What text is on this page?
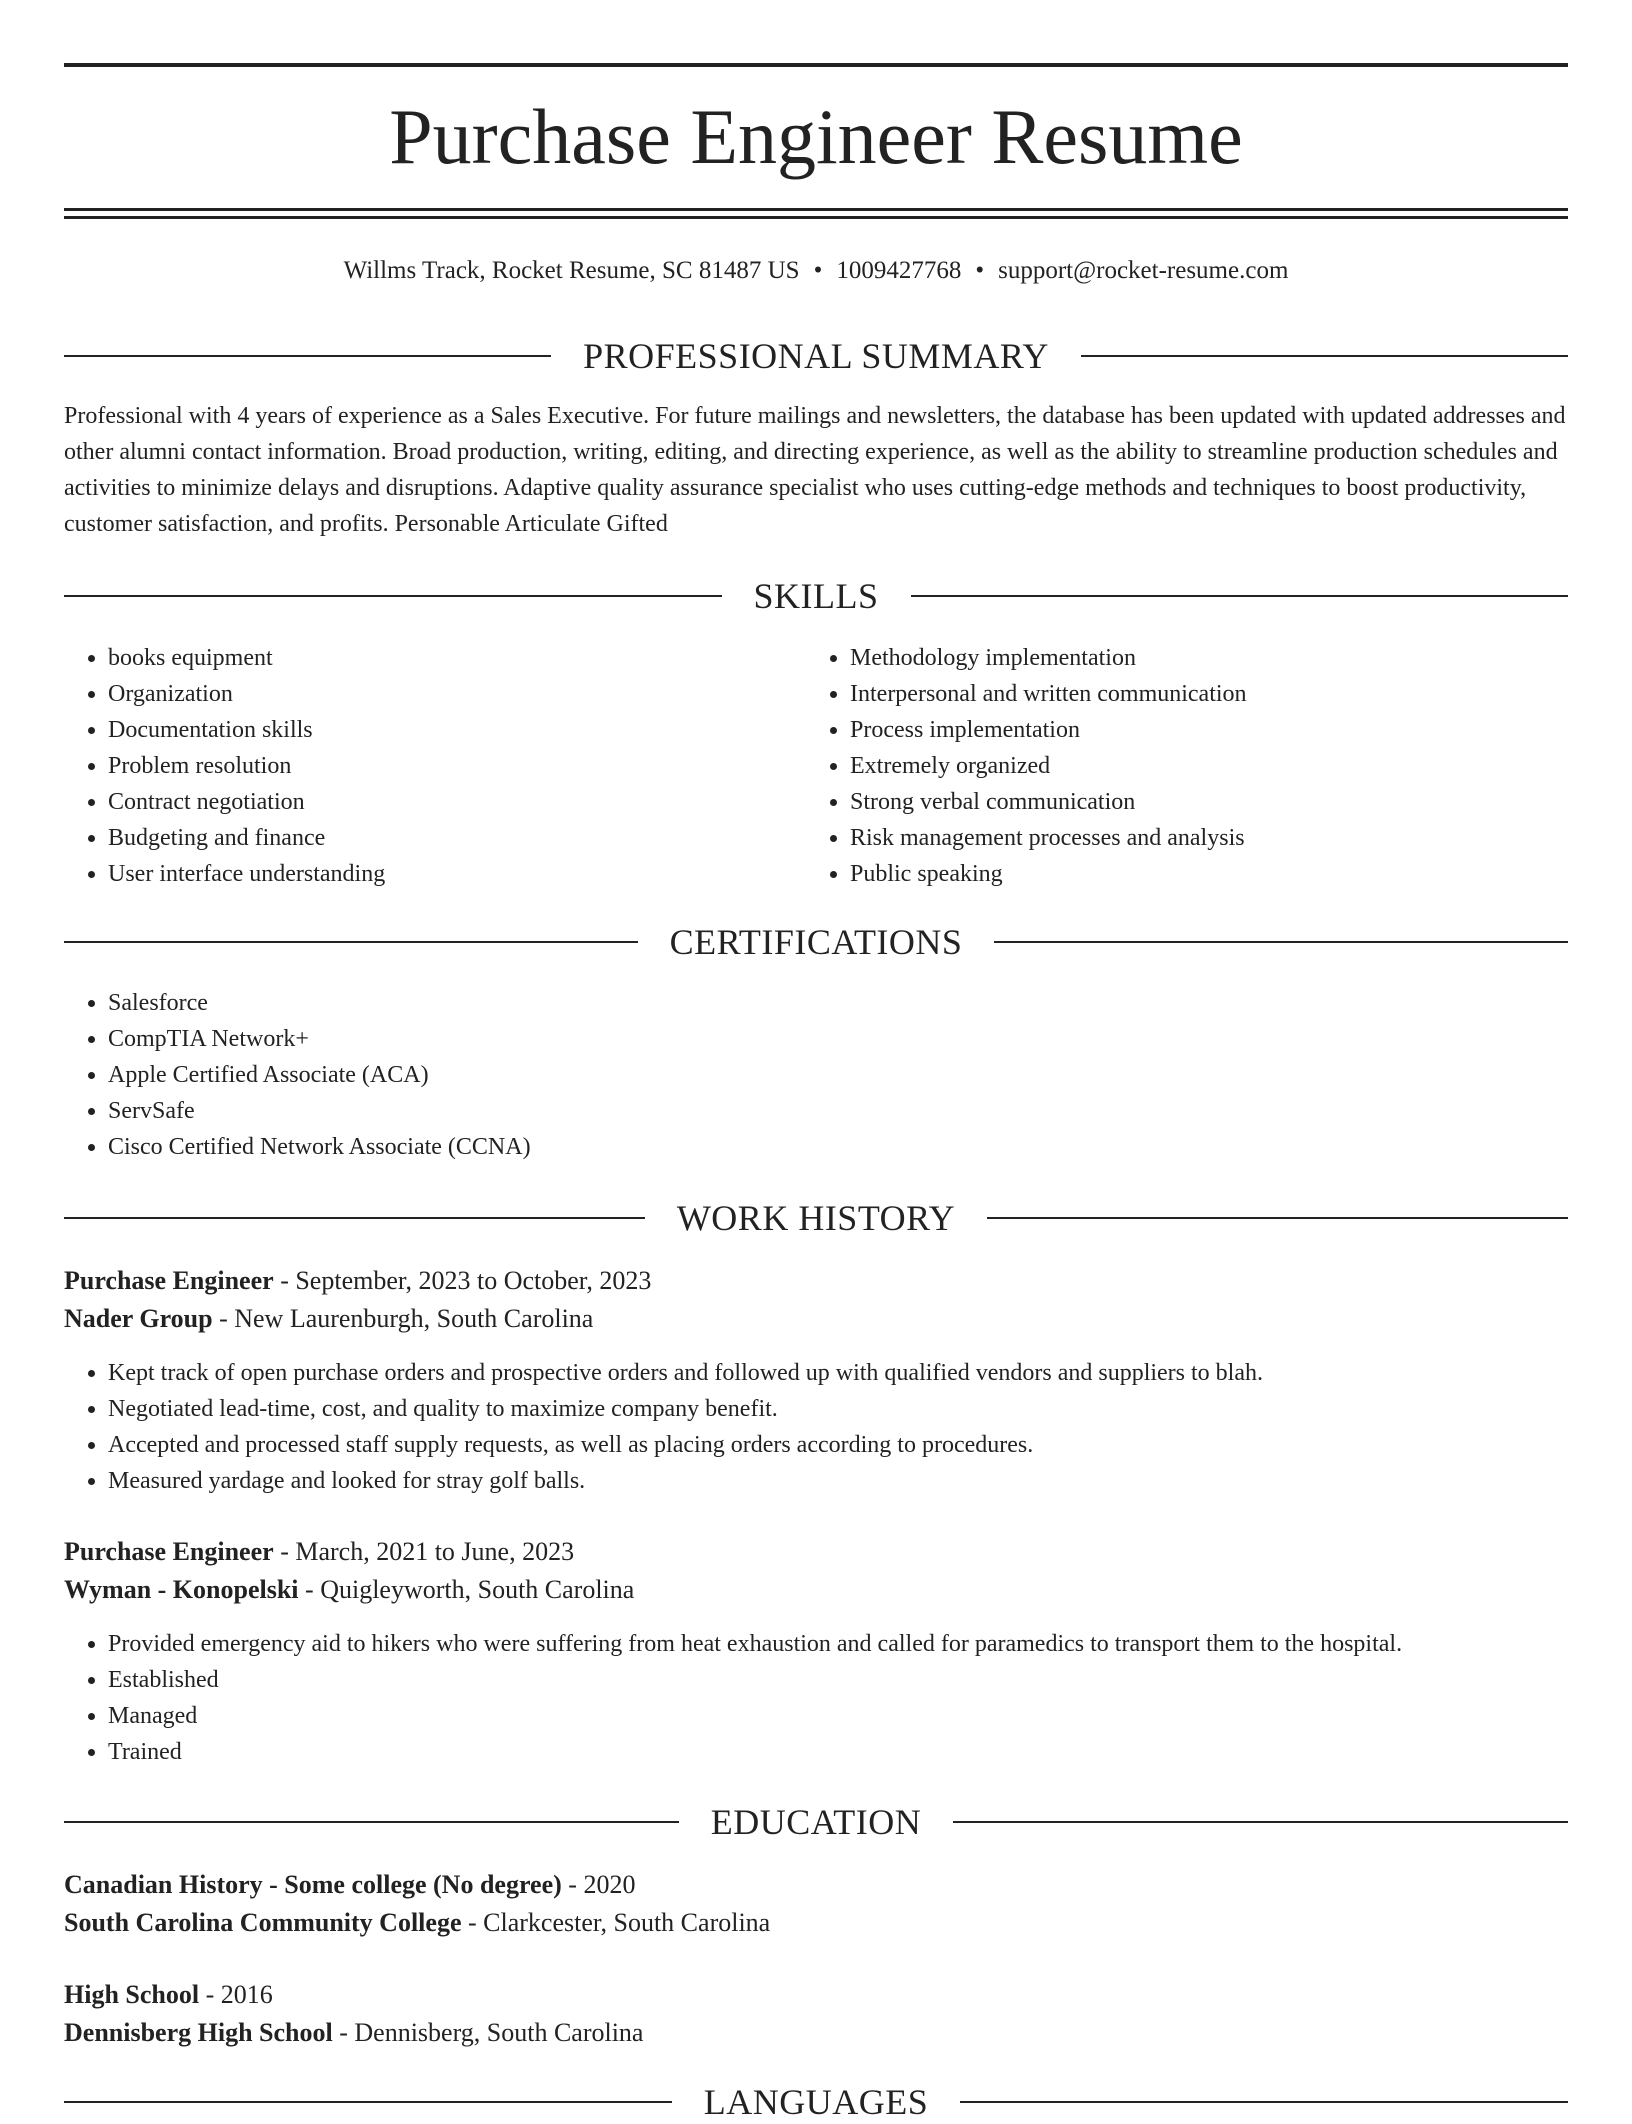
Purchase Engineer Resume
Willms Track, Rocket Resume, SC 81487 US • 1009427768 • support@rocket-resume.com
PROFESSIONAL SUMMARY

Professional with 4 years of experience as a Sales Executive. For future mailings and newsletters, the database has been updated with updated addresses and other alumni contact information. Broad production, writing, editing, and directing experience, as well as the ability to streamline production schedules and activities to minimize delays and disruptions. Adaptive quality assurance specialist who uses cutting-edge methods and techniques to boost productivity, customer satisfaction, and profits. Personable Articulate Gifted

SKILLS
• books equipment
• Organization
• Documentation skills
• Problem resolution
• Contract negotiation
• Budgeting and finance
• User interface understanding
• Methodology implementation
• Interpersonal and written communication
• Process implementation
• Extremely organized
• Strong verbal communication
• Risk management processes and analysis
• Public speaking
CERTIFICATIONS
• Salesforce
• CompTIA Network+
• Apple Certified Associate (ACA)
• ServSafe
• Cisco Certified Network Associate (CCNA)
WORK HISTORY
Purchase Engineer - September, 2023 to October, 2023
Nader Group - New Laurenburgh, South Carolina
• Kept track of open purchase orders and prospective orders and followed up with qualified vendors and suppliers to blah.
• Negotiated lead-time, cost, and quality to maximize company benefit.
• Accepted and processed staff supply requests, as well as placing orders according to procedures.
• Measured yardage and looked for stray golf balls.
Purchase Engineer - March, 2021 to June, 2023
Wyman - Konopelski - Quigleyworth, South Carolina
• Provided emergency aid to hikers who were suffering from heat exhaustion and called for paramedics to transport them to the hospital.
• Established
• Managed
• Trained
EDUCATION
Canadian History - Some college (No degree) - 2020
South Carolina Community College - Clarkcester, South Carolina
High School - 2016
Dennisberg High School - Dennisberg, South Carolina
LANGUAGES
